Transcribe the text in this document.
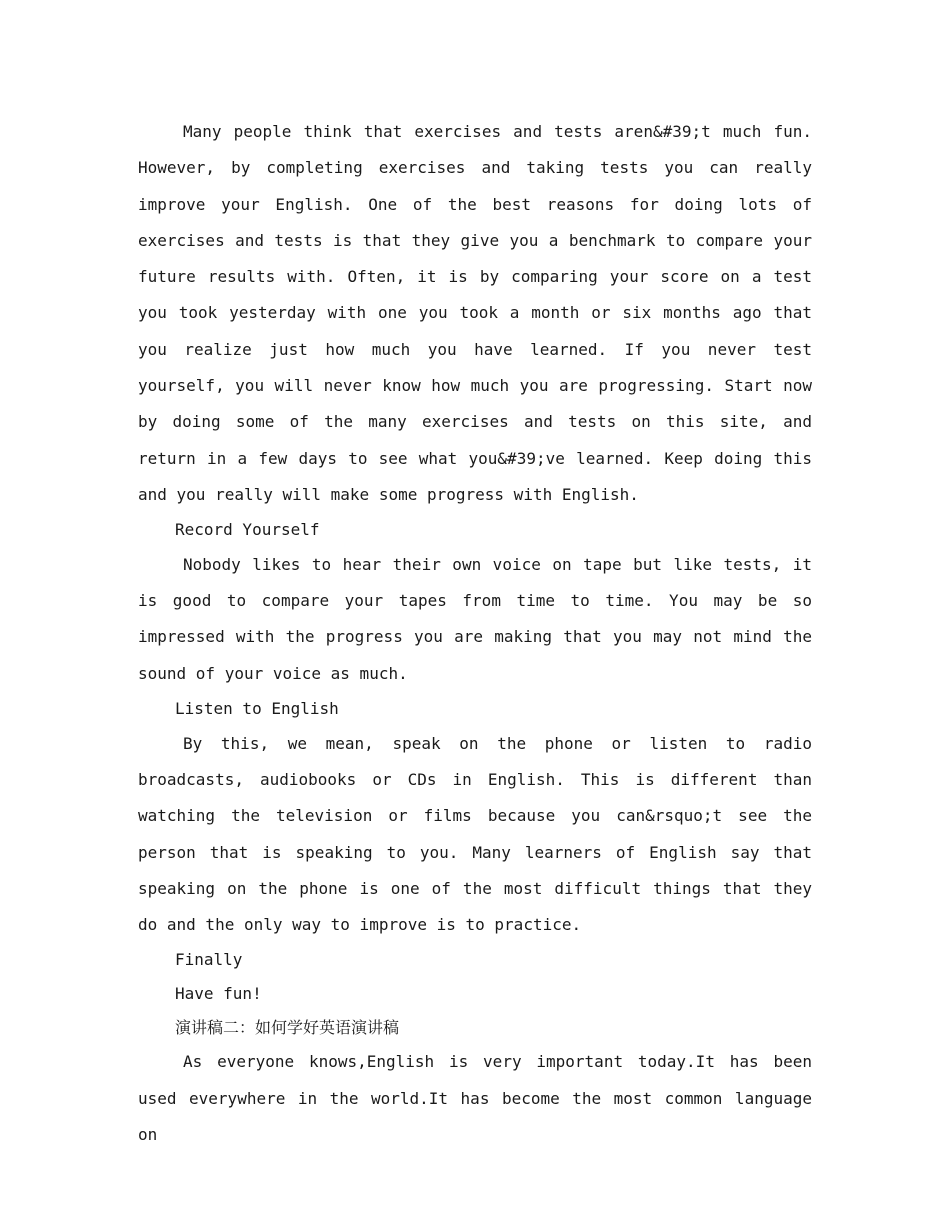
Many people think that exercises and tests aren&#39;t much fun. However, by completing exercises and taking tests you can really improve your English. One of the best reasons for doing lots of exercises and tests is that they give you a benchmark to compare your future results with. Often, it is by comparing your score on a test you took yesterday with one you took a month or six months ago that you realize just how much you have learned. If you never test yourself, you will never know how much you are progressing. Start now by doing some of the many exercises and tests on this site, and return in a few days to see what you&#39;ve learned. Keep doing this and you really will make some progress with English.

Record Yourself

Nobody likes to hear their own voice on tape but like tests, it is good to compare your tapes from time to time. You may be so impressed with the progress you are making that you may not mind the sound of your voice as much.

Listen to English

By this, we mean, speak on the phone or listen to radio broadcasts, audiobooks or CDs in English. This is different than watching the television or films because you can&rsquo;t see the person that is speaking to you. Many learners of English say that speaking on the phone is one of the most difficult things that they do and the only way to improve is to practice.

Finally
Have fun!
演讲稿二：如何学好英语演讲稿

As everyone knows,English is very important today.It has been used everywhere in the world.It has become the most common language on
